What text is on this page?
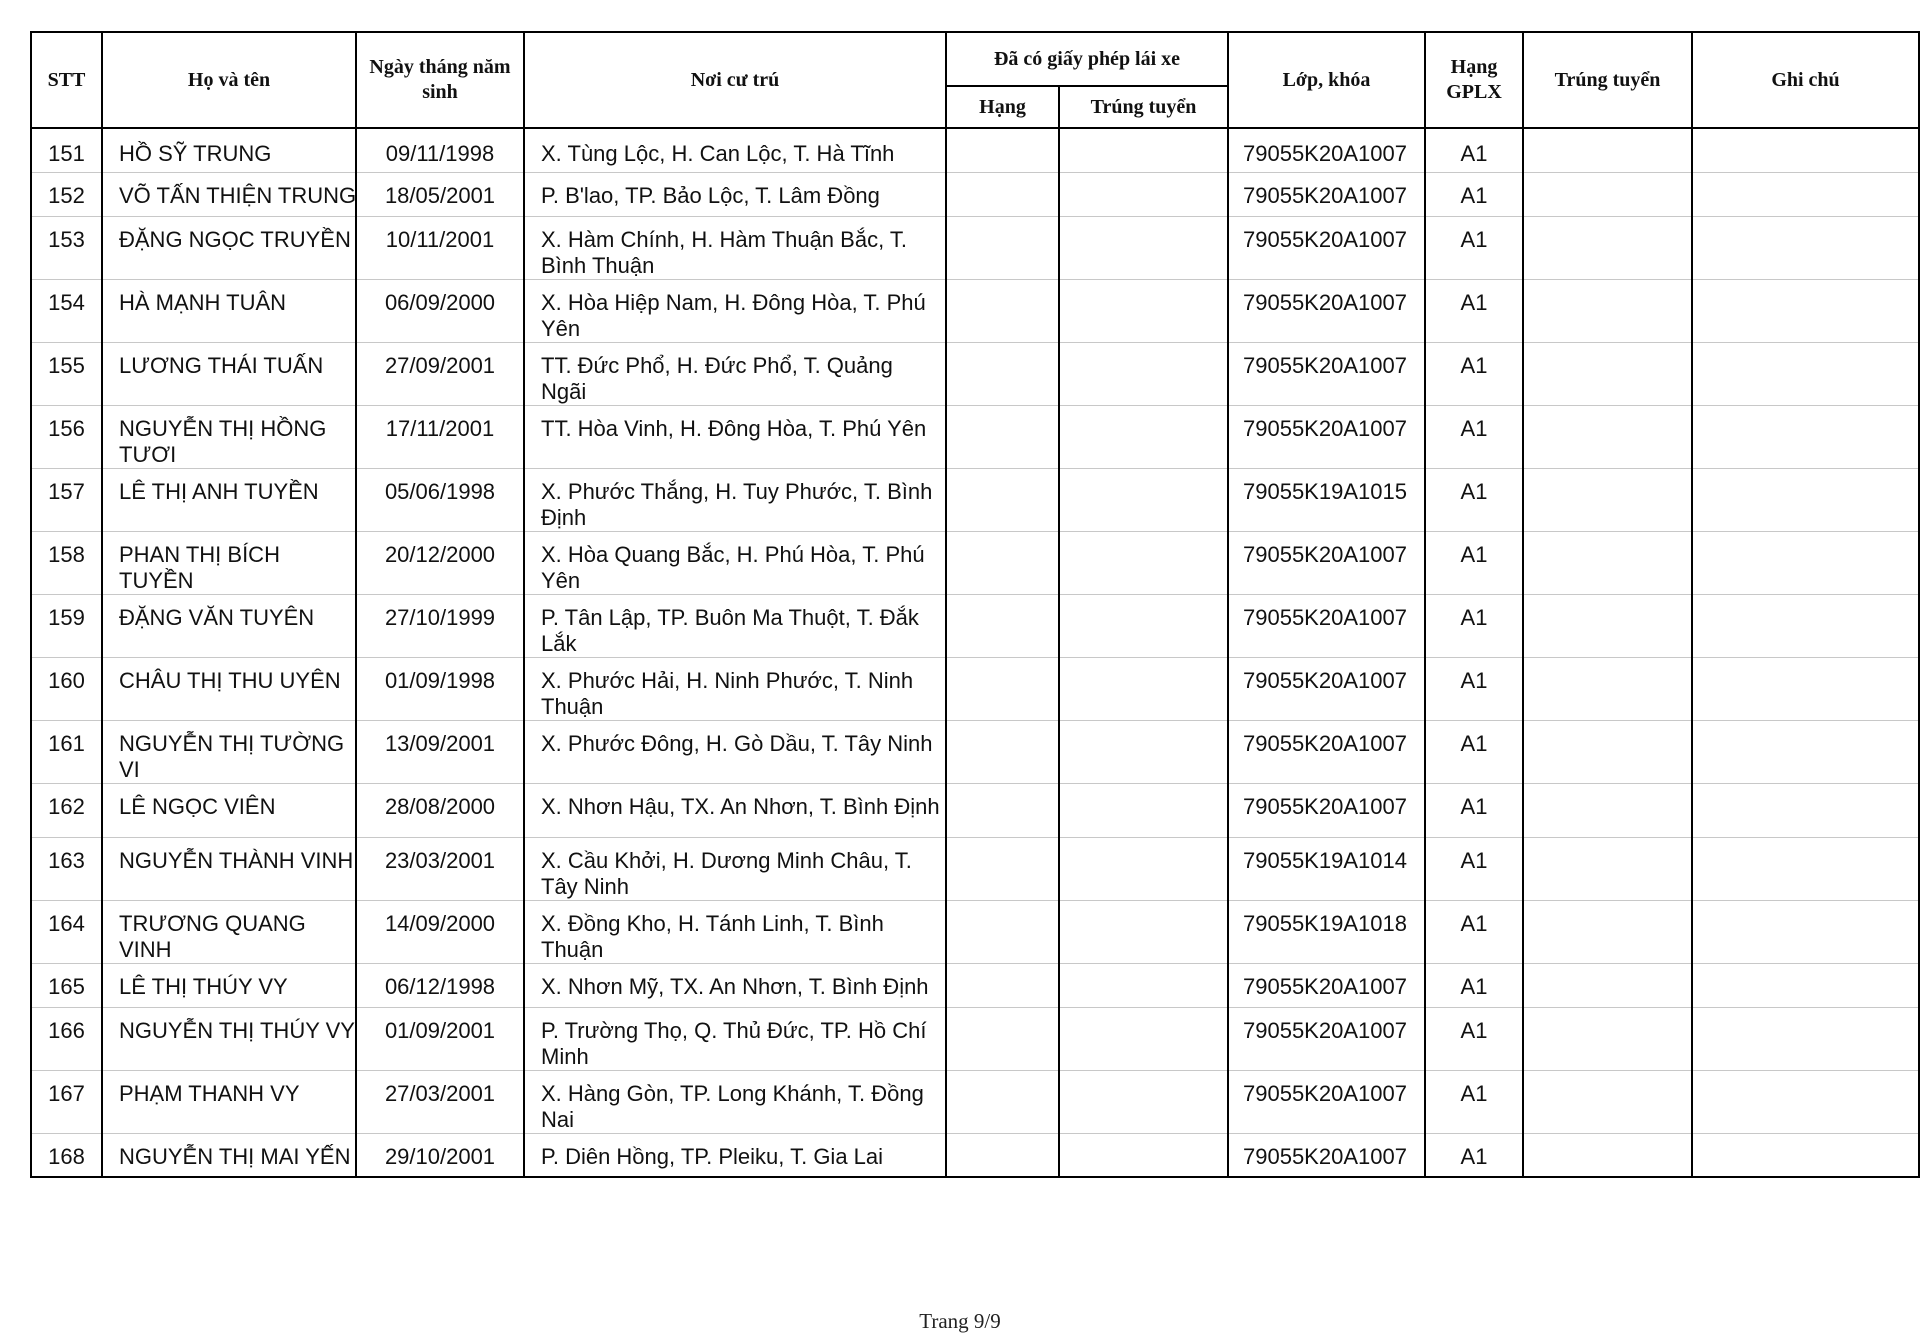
STT	Họ và tên	Ngày tháng năm sinh	Nơi cư trú	Đã có giấy phép lái xe		Lớp, khóa	Hạng GPLX	Trúng tuyển	Ghi chú
				Hạng	Trúng tuyển				
151	HỒ SỸ TRUNG	09/11/1998	X. Tùng Lộc, H. Can Lộc, T. Hà Tĩnh			79055K20A1007	A1		
152	VÕ TẤN THIỆN TRUNG	18/05/2001	P. B'lao, TP. Bảo Lộc, T. Lâm Đồng			79055K20A1007	A1		
153	ĐẶNG NGỌC TRUYỀN	10/11/2001	X. Hàm Chính, H. Hàm Thuận Bắc, T. Bình Thuận			79055K20A1007	A1		
154	HÀ MẠNH TUÂN	06/09/2000	X. Hòa Hiệp Nam, H. Đông Hòa, T. Phú Yên			79055K20A1007	A1		
155	LƯƠNG THÁI TUẤN	27/09/2001	TT. Đức Phổ, H. Đức Phổ, T. Quảng Ngãi			79055K20A1007	A1		
156	NGUYỄN THỊ HỒNG TƯƠI	17/11/2001	TT. Hòa Vinh, H. Đông Hòa, T. Phú Yên			79055K20A1007	A1		
157	LÊ THỊ ANH TUYỀN	05/06/1998	X. Phước Thắng, H. Tuy Phước, T. Bình Định			79055K19A1015	A1		
158	PHAN THỊ BÍCH TUYỀN	20/12/2000	X. Hòa Quang Bắc, H. Phú Hòa, T. Phú Yên			79055K20A1007	A1		
159	ĐẶNG VĂN TUYÊN	27/10/1999	P. Tân Lập, TP. Buôn Ma Thuột, T. Đắk Lắk			79055K20A1007	A1		
160	CHÂU THỊ THU UYÊN	01/09/1998	X. Phước Hải, H. Ninh Phước, T. Ninh Thuận			79055K20A1007	A1		
161	NGUYỄN THỊ TƯỜNG VI	13/09/2001	X. Phước Đông, H. Gò Dầu, T. Tây Ninh			79055K20A1007	A1		
162	LÊ NGỌC VIÊN	28/08/2000	X. Nhơn Hậu, TX. An Nhơn, T. Bình Định			79055K20A1007	A1		
163	NGUYỄN THÀNH VINH	23/03/2001	X. Cầu Khởi, H. Dương Minh Châu, T. Tây Ninh			79055K19A1014	A1		
164	TRƯƠNG QUANG VINH	14/09/2000	X. Đồng Kho, H. Tánh Linh, T. Bình Thuận			79055K19A1018	A1		
165	LÊ THỊ THÚY VY	06/12/1998	X. Nhơn Mỹ, TX. An Nhơn, T. Bình Định			79055K20A1007	A1		
166	NGUYỄN THỊ THÚY VY	01/09/2001	P. Trường Thọ, Q. Thủ Đức, TP. Hồ Chí Minh			79055K20A1007	A1		
167	PHẠM THANH VY	27/03/2001	X. Hàng Gòn, TP. Long Khánh, T. Đồng Nai			79055K20A1007	A1		
168	NGUYỄN THỊ MAI YẾN	29/10/2001	P. Diên Hồng, TP. Pleiku, T. Gia Lai			79055K20A1007	A1		
Trang 9/9
